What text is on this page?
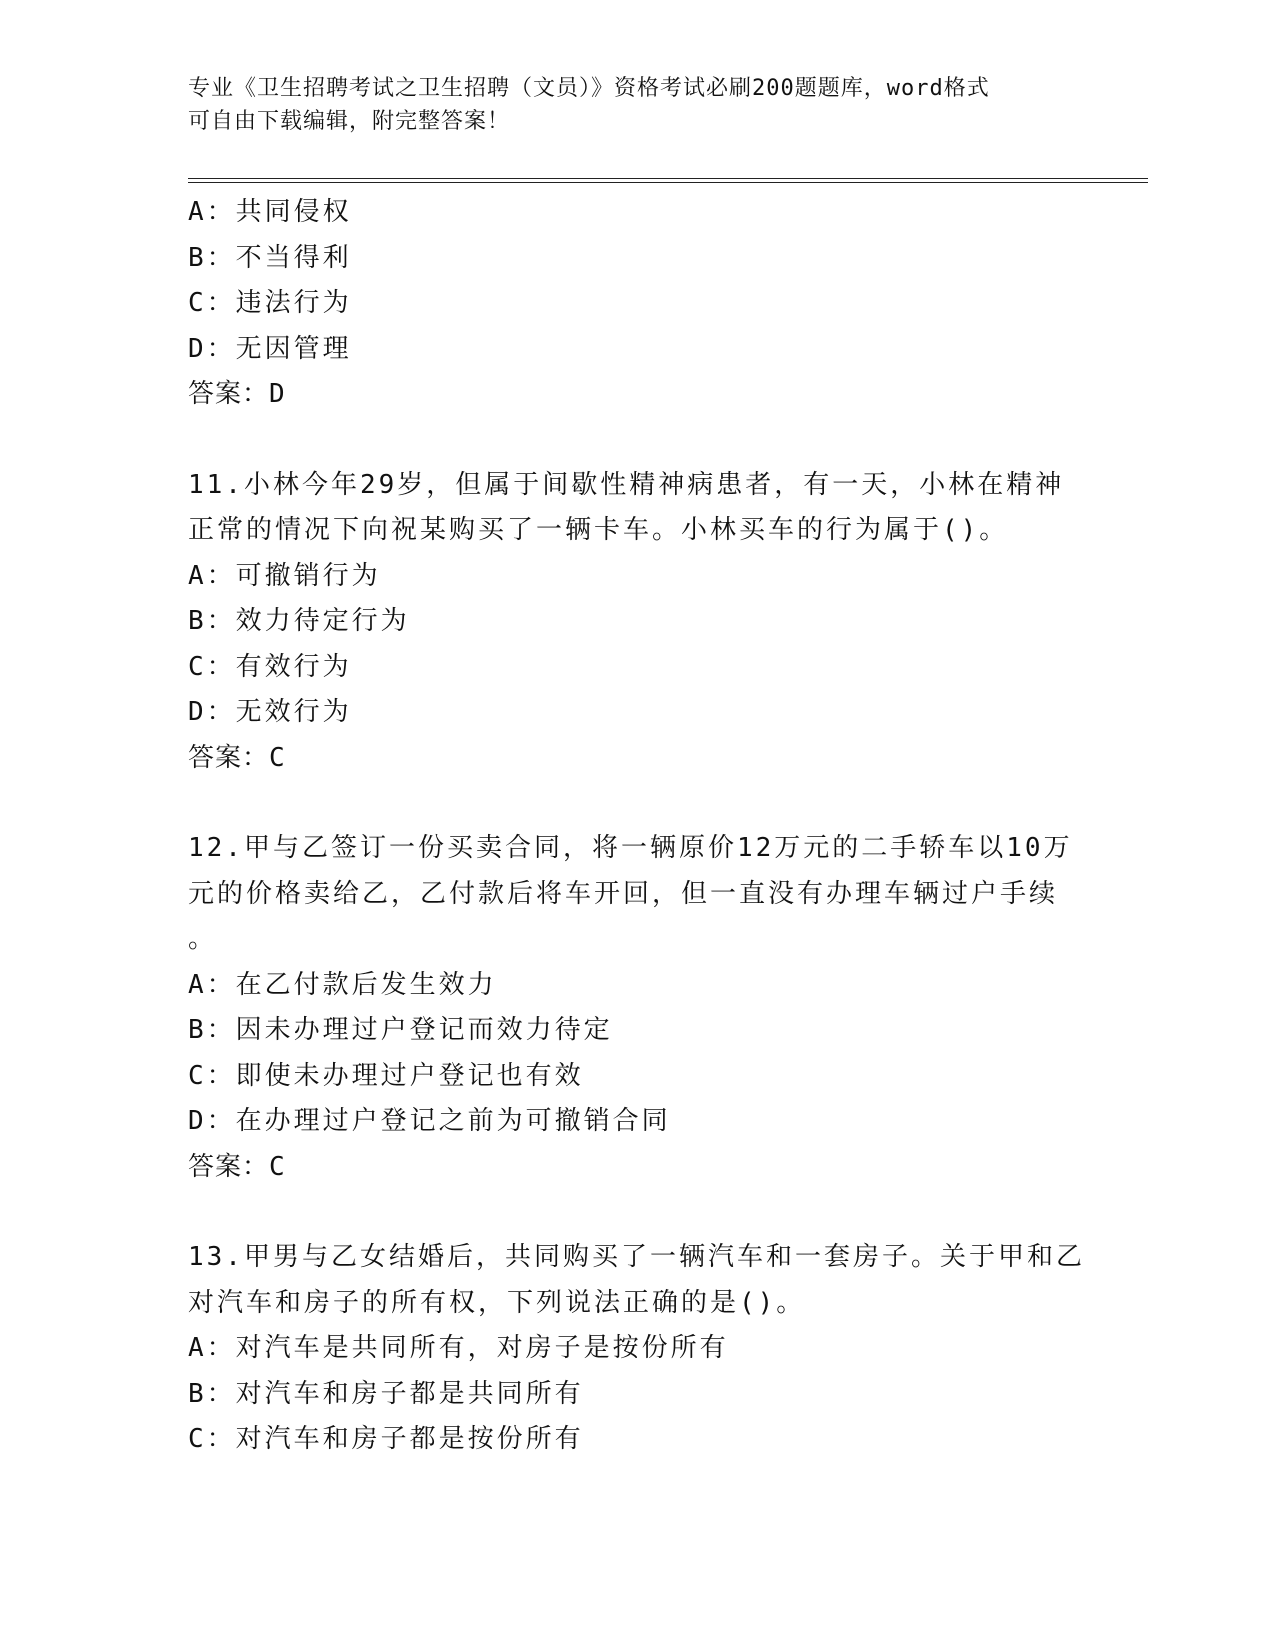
专业《卫生招聘考试之卫生招聘（文员）》资格考试必刷200题题库，word格式
可自由下载编辑，附完整答案！
A：共同侵权
B：不当得利
C：违法行为
D：无因管理
答案：D
11.小林今年29岁，但属于间歇性精神病患者，有一天，小林在精神
正常的情况下向祝某购买了一辆卡车。小林买车的行为属于()。
A：可撤销行为
B：效力待定行为
C：有效行为
D：无效行为
答案：C
12.甲与乙签订一份买卖合同，将一辆原价12万元的二手轿车以10万
元的价格卖给乙，乙付款后将车开回，但一直没有办理车辆过户手续
。
A：在乙付款后发生效力
B：因未办理过户登记而效力待定
C：即使未办理过户登记也有效
D：在办理过户登记之前为可撤销合同
答案：C
13.甲男与乙女结婚后，共同购买了一辆汽车和一套房子。关于甲和乙
对汽车和房子的所有权，下列说法正确的是()。
A：对汽车是共同所有，对房子是按份所有
B：对汽车和房子都是共同所有
C：对汽车和房子都是按份所有
